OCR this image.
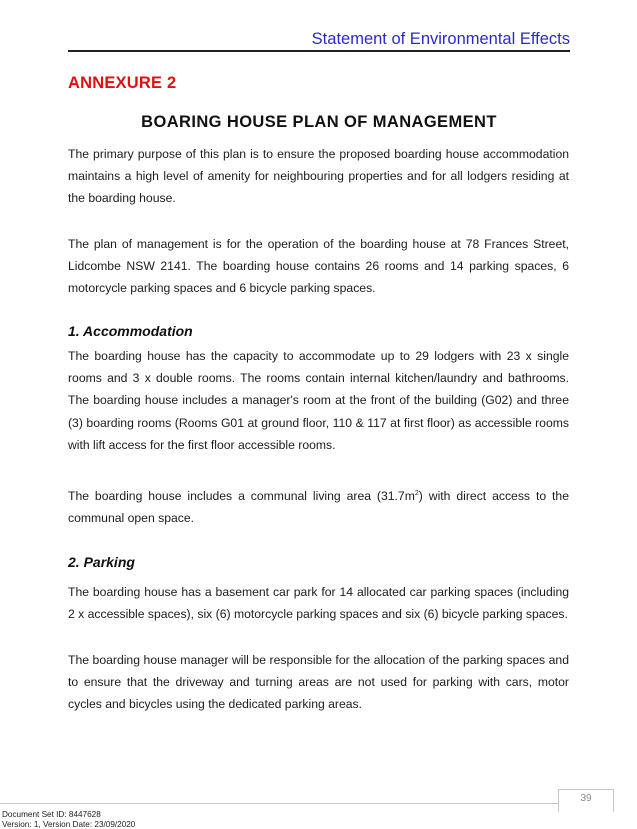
Statement of Environmental Effects
ANNEXURE 2
BOARING HOUSE PLAN OF MANAGEMENT
The primary purpose of this plan is to ensure the proposed boarding house accommodation maintains a high level of amenity for neighbouring properties and for all lodgers residing at the boarding house.
The plan of management is for the operation of the boarding house at 78 Frances Street, Lidcombe NSW 2141. The boarding house contains 26 rooms and 14 parking spaces, 6 motorcycle parking spaces and 6 bicycle parking spaces.
1. Accommodation
The boarding house has the capacity to accommodate up to 29 lodgers with 23 x single rooms and 3 x double rooms. The rooms contain internal kitchen/laundry and bathrooms. The boarding house includes a manager's room at the front of the building (G02) and three (3) boarding rooms (Rooms G01 at ground floor, 110 & 117 at first floor) as accessible rooms with lift access for the first floor accessible rooms.
The boarding house includes a communal living area $(31.7m^2)$ with direct access to the communal open space.
2. Parking
The boarding house has a basement car park for 14 allocated car parking spaces (including 2 x accessible spaces), six (6) motorcycle parking spaces and six (6) bicycle parking spaces.
The boarding house manager will be responsible for the allocation of the parking spaces and to ensure that the driveway and turning areas are not used for parking with cars, motor cycles and bicycles using the dedicated parking areas.
39
Document Set ID: 8447628
Version: 1, Version Date: 23/09/2020
